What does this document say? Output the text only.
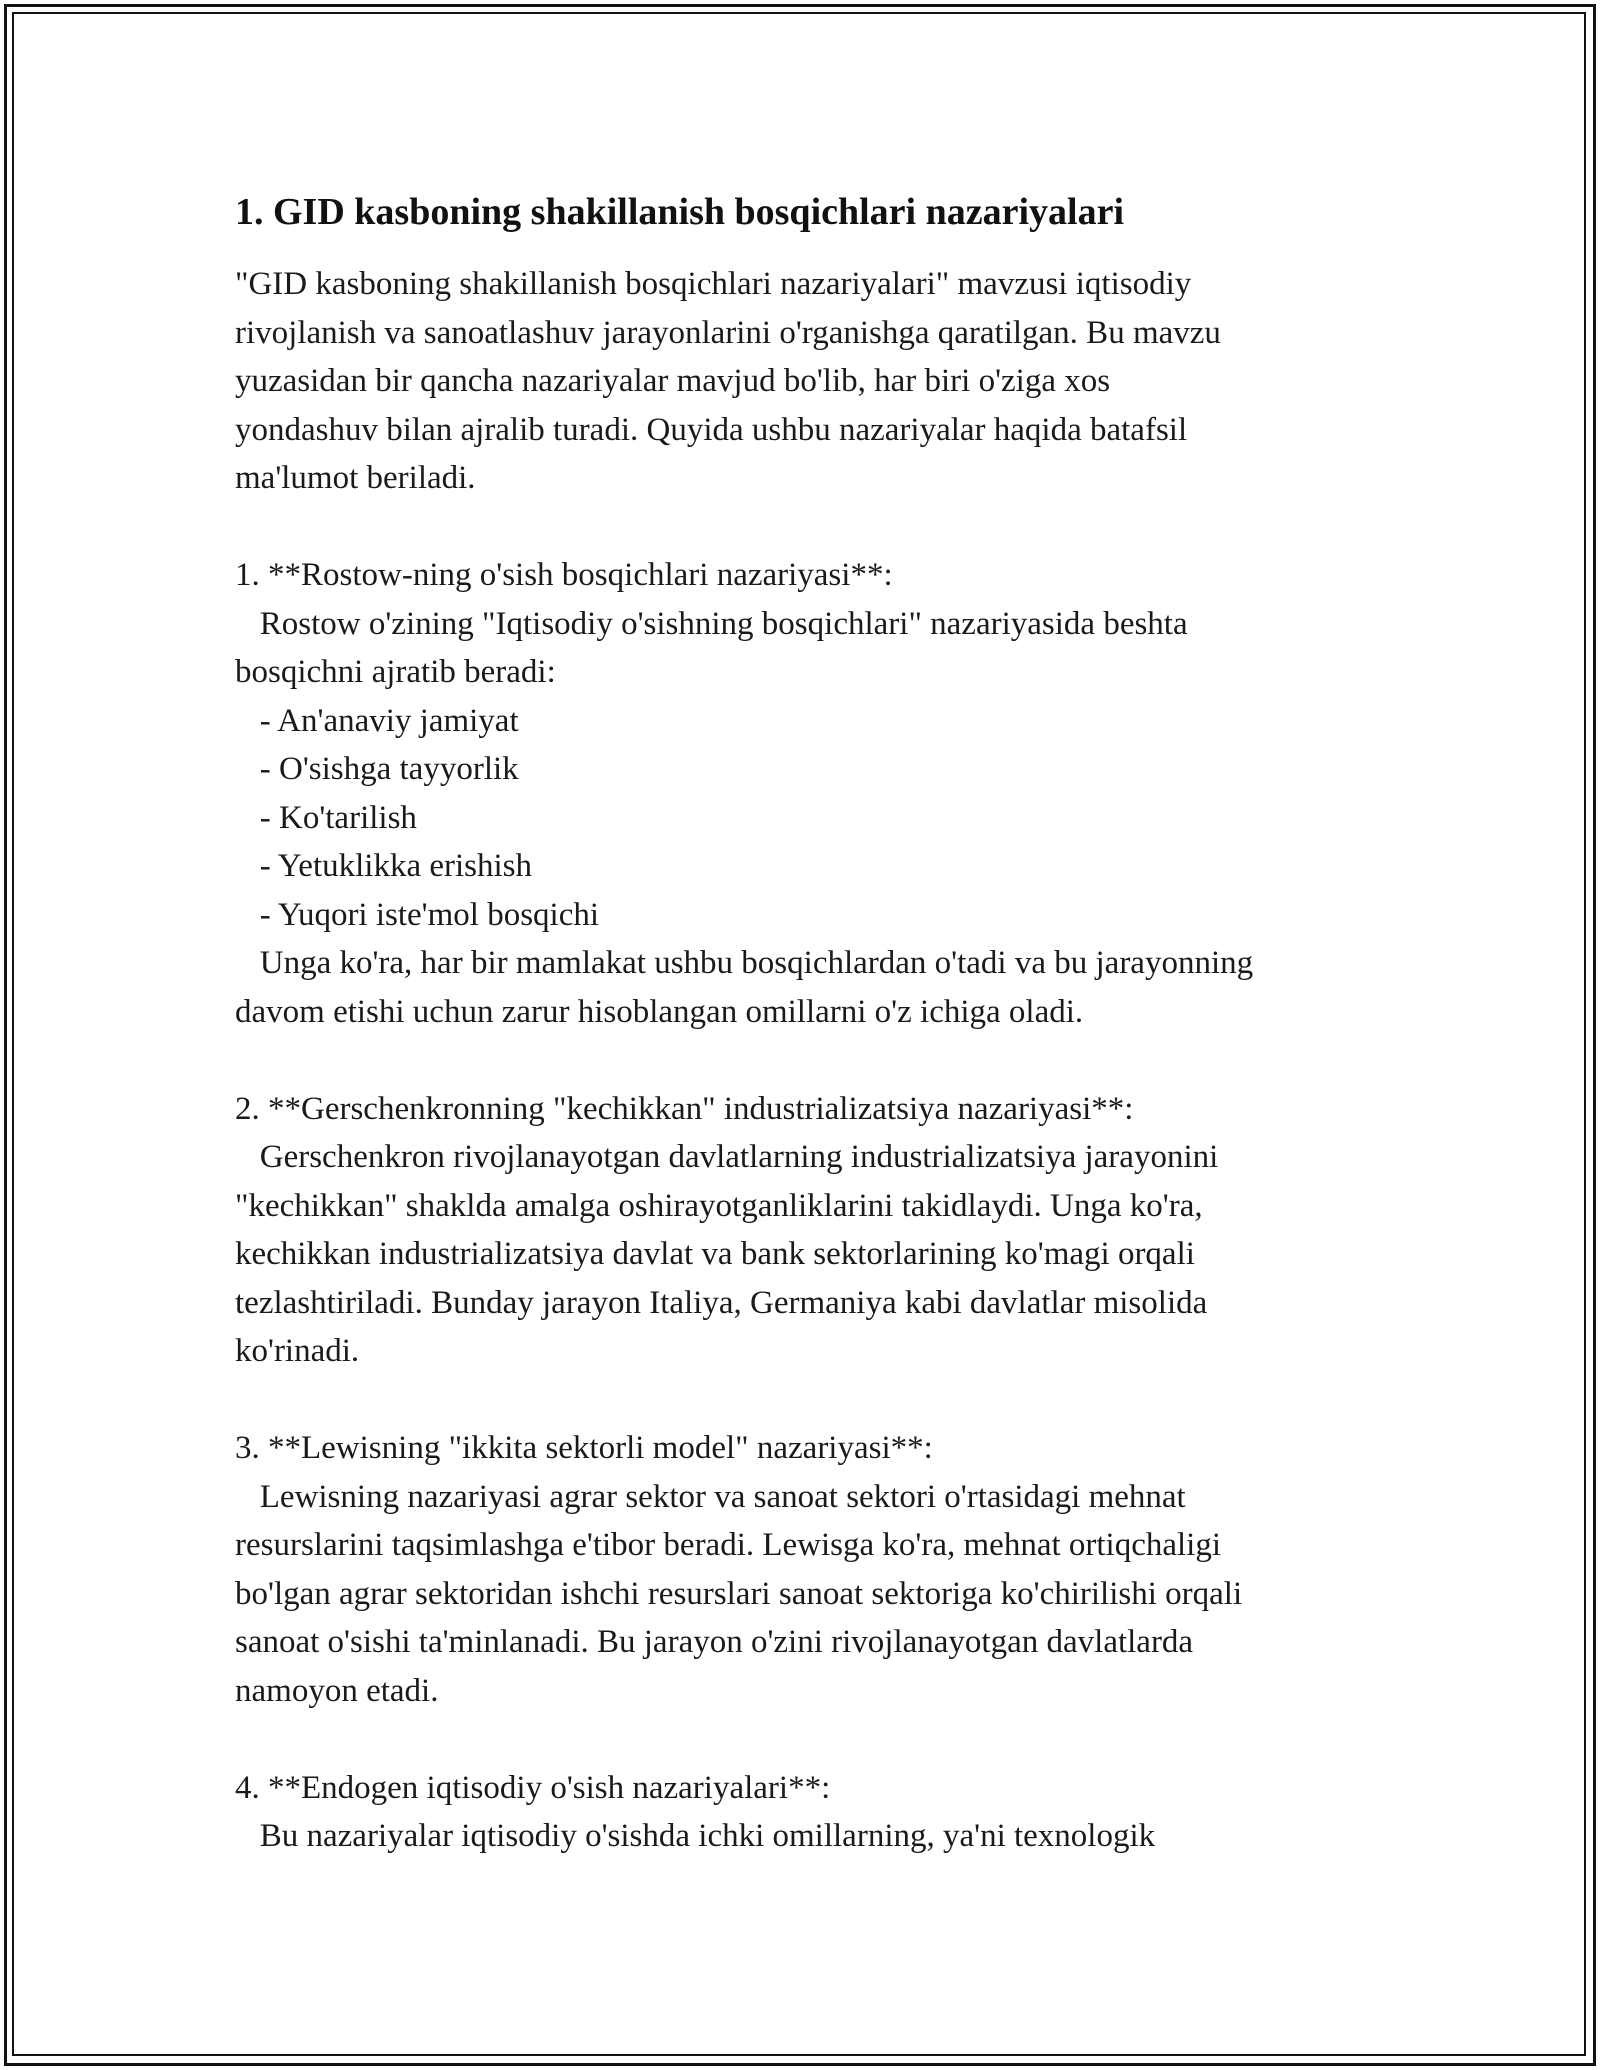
1. GID kasboning shakillanish bosqichlari nazariyalari
"GID kasboning shakillanish bosqichlari nazariyalari" mavzusi iqtisodiy
rivojlanish va sanoatlashuv jarayonlarini o'rganishga qaratilgan. Bu mavzu
yuzasidan bir qancha nazariyalar mavjud bo'lib, har biri o'ziga xos
yondashuv bilan ajralib turadi. Quyida ushbu nazariyalar haqida batafsil
ma'lumot beriladi.
1. **Rostow-ning o'sish bosqichlari nazariyasi**:
Rostow o'zining "Iqtisodiy o'sishning bosqichlari" nazariyasida beshta
bosqichni ajratib beradi:
- An'anaviy jamiyat
- O'sishga tayyorlik
- Ko'tarilish
- Yetuklikka erishish
- Yuqori iste'mol bosqichi
Unga ko'ra, har bir mamlakat ushbu bosqichlardan o'tadi va bu jarayonning
davom etishi uchun zarur hisoblangan omillarni o'z ichiga oladi.
2. **Gerschenkronning "kechikkan" industrializatsiya nazariyasi**:
Gerschenkron rivojlanayotgan davlatlarning industrializatsiya jarayonini
"kechikkan" shaklda amalga oshirayotganliklarini takidlaydi. Unga ko'ra,
kechikkan industrializatsiya davlat va bank sektorlarining ko'magi orqali
tezlashtiriladi. Bunday jarayon Italiya, Germaniya kabi davlatlar misolida
ko'rinadi.
3. **Lewisning "ikkita sektorli model" nazariyasi**:
Lewisning nazariyasi agrar sektor va sanoat sektori o'rtasidagi mehnat
resurslarini taqsimlashga e'tibor beradi. Lewisga ko'ra, mehnat ortiqchaligi
bo'lgan agrar sektoridan ishchi resurslari sanoat sektoriga ko'chirilishi orqali
sanoat o'sishi ta'minlanadi. Bu jarayon o'zini rivojlanayotgan davlatlarda
namoyon etadi.
4. **Endogen iqtisodiy o'sish nazariyalari**:
Bu nazariyalar iqtisodiy o'sishda ichki omillarning, ya'ni texnologik
